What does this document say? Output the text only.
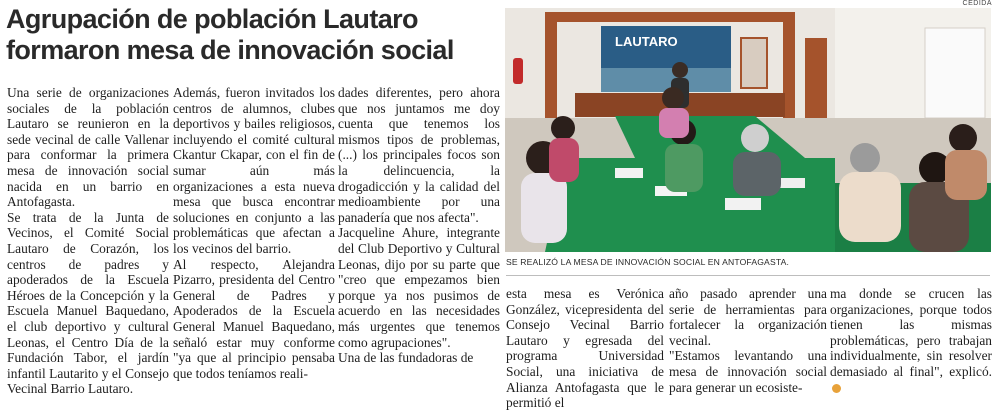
CEDIDA
Agrupación de población Lautaro
formaron mesa de innovación social

Una serie de organizaciones sociales de la población Lautaro se reunieron en la sede vecinal de calle Vallenar para conformar la primera mesa de innovación social nacida en un barrio en Antofagasta.

Se trata de la Junta de Vecinos, el Comité Social Lautaro de Corazón, los centros de padres y apoderados de la Escuela Héroes de la Concepción y la Escuela Manuel Baquedano, el club deportivo y cultural Leonas, el Centro Día de la Fundación Tabor, el jardín infantil Lautarito y el Consejo Vecinal Barrio Lautaro.

Además, fueron invitados los centros de alumnos, clubes deportivos y bailes religiosos, incluyendo el comité cultural Ckantur Ckapar, con el fin de sumar aún más organizaciones a esta nueva mesa que busca encontrar soluciones en conjunto a las problemáticas que afectan a los vecinos del barrio.

Al respecto, Alejandra Pizarro, presidenta del Centro General de Padres y Apoderados de la Escuela General Manuel Baquedano, señaló estar muy conforme "ya que al principio pensaba que todos teníamos reali-

dades diferentes, pero ahora que nos juntamos me doy cuenta que tenemos los mismos tipos de problemas, (...) los principales focos son la delincuencia, la drogadicción y la calidad del medioambiente por una panadería que nos afecta".

Jacqueline Ahure, integrante del Club Deportivo y Cultural Leonas, dijo por su parte que "creo que empezamos bien porque ya nos pusimos de acuerdo en las necesidades más urgentes que tenemos como agrupaciones".

Una de las fundadoras de

LAUTARO
SE REALIZÓ LA MESA DE INNOVACIÓN SOCIAL EN ANTOFAGASTA.

esta mesa es Verónica González, vicepresidenta del Consejo Vecinal Barrio Lautaro y egresada del programa Universidad Social, una iniciativa de Alianza Antofagasta que le permitió el

año pasado aprender una serie de herramientas para fortalecer la organización vecinal.

"Estamos levantando una mesa de innovación social para generar un ecosiste-

ma donde se crucen las organizaciones, porque todos tienen las mismas problemáticas, pero trabajan individualmente, sin resolver demasiado al final", explicó.
